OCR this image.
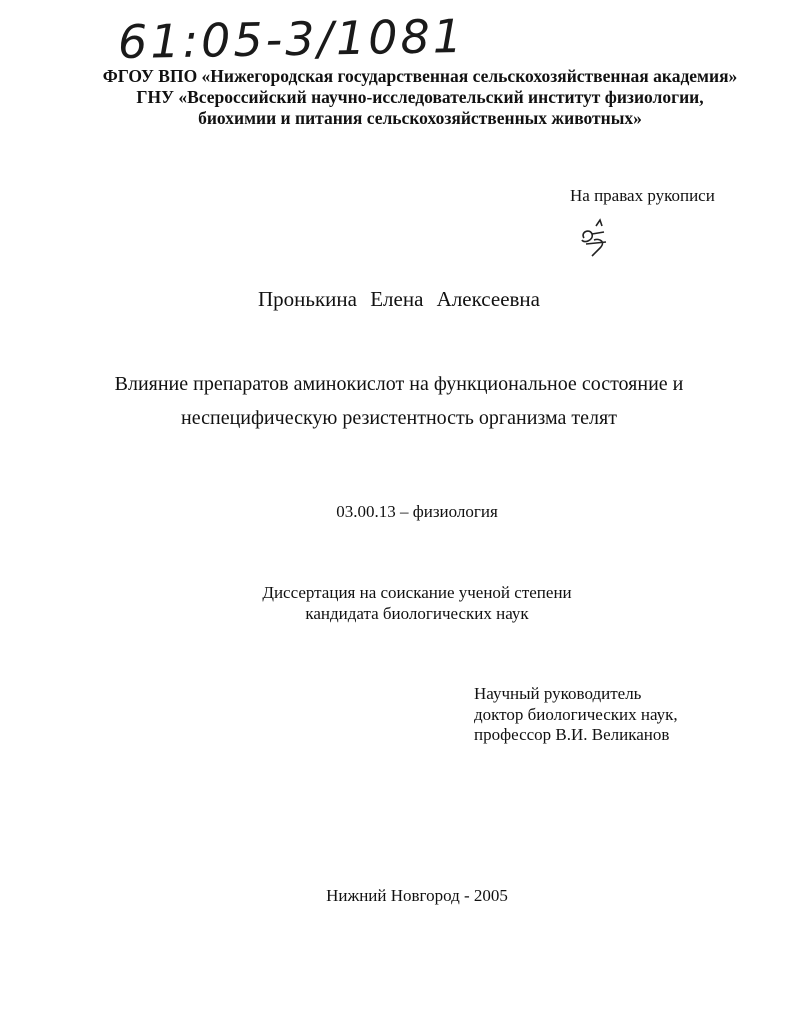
61:05-3/1081
ФГОУ ВПО «Нижегородская государственная сельскохозяйственная академия»
ГНУ «Всероссийский научно-исследовательский институт физиологии,
биохимии и питания сельскохозяйственных животных»
На правах рукописи
Пронькина Елена Алексеевна
Влияние препаратов аминокислот на функциональное состояние и
неспецифическую резистентность организма телят
03.00.13 – физиология
Диссертация на соискание ученой степени
кандидата биологических наук
Научный руководитель
доктор биологических наук,
профессор В.И. Великанов
Нижний Новгород - 2005
